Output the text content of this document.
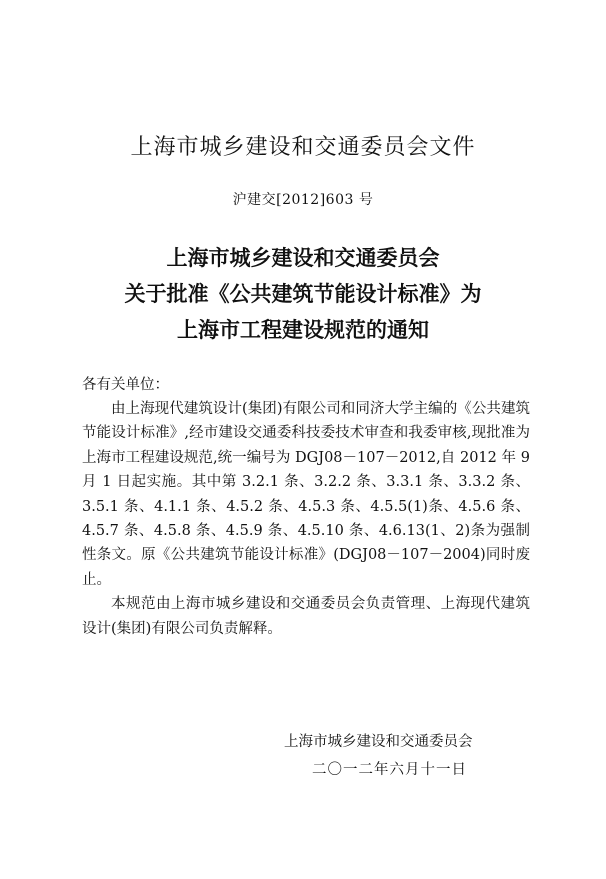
上海市城乡建设和交通委员会文件
沪建交[2012]603 号
上海市城乡建设和交通委员会
关于批准《公共建筑节能设计标准》为
上海市工程建设规范的通知
各有关单位：

由上海现代建筑设计(集团)有限公司和同济大学主编的《公共建筑节能设计标准》,经市建设交通委科技委技术审查和我委审核,现批准为上海市工程建设规范,统一编号为 DGJ08－107－2012,自 2012 年 9 月 1 日起实施。其中第 3.2.1 条、3.2.2 条、3.3.1 条、3.3.2 条、3.5.1 条、4.1.1 条、4.5.2 条、4.5.3 条、4.5.5(1)条、4.5.6 条、4.5.7 条、4.5.8 条、4.5.9 条、4.5.10 条、4.6.13(1、2)条为强制性条文。原《公共建筑节能设计标准》(DGJ08－107－2004)同时废止。

本规范由上海市城乡建设和交通委员会负责管理、上海现代建筑设计(集团)有限公司负责解释。

上海市城乡建设和交通委员会
二〇一二年六月十一日
